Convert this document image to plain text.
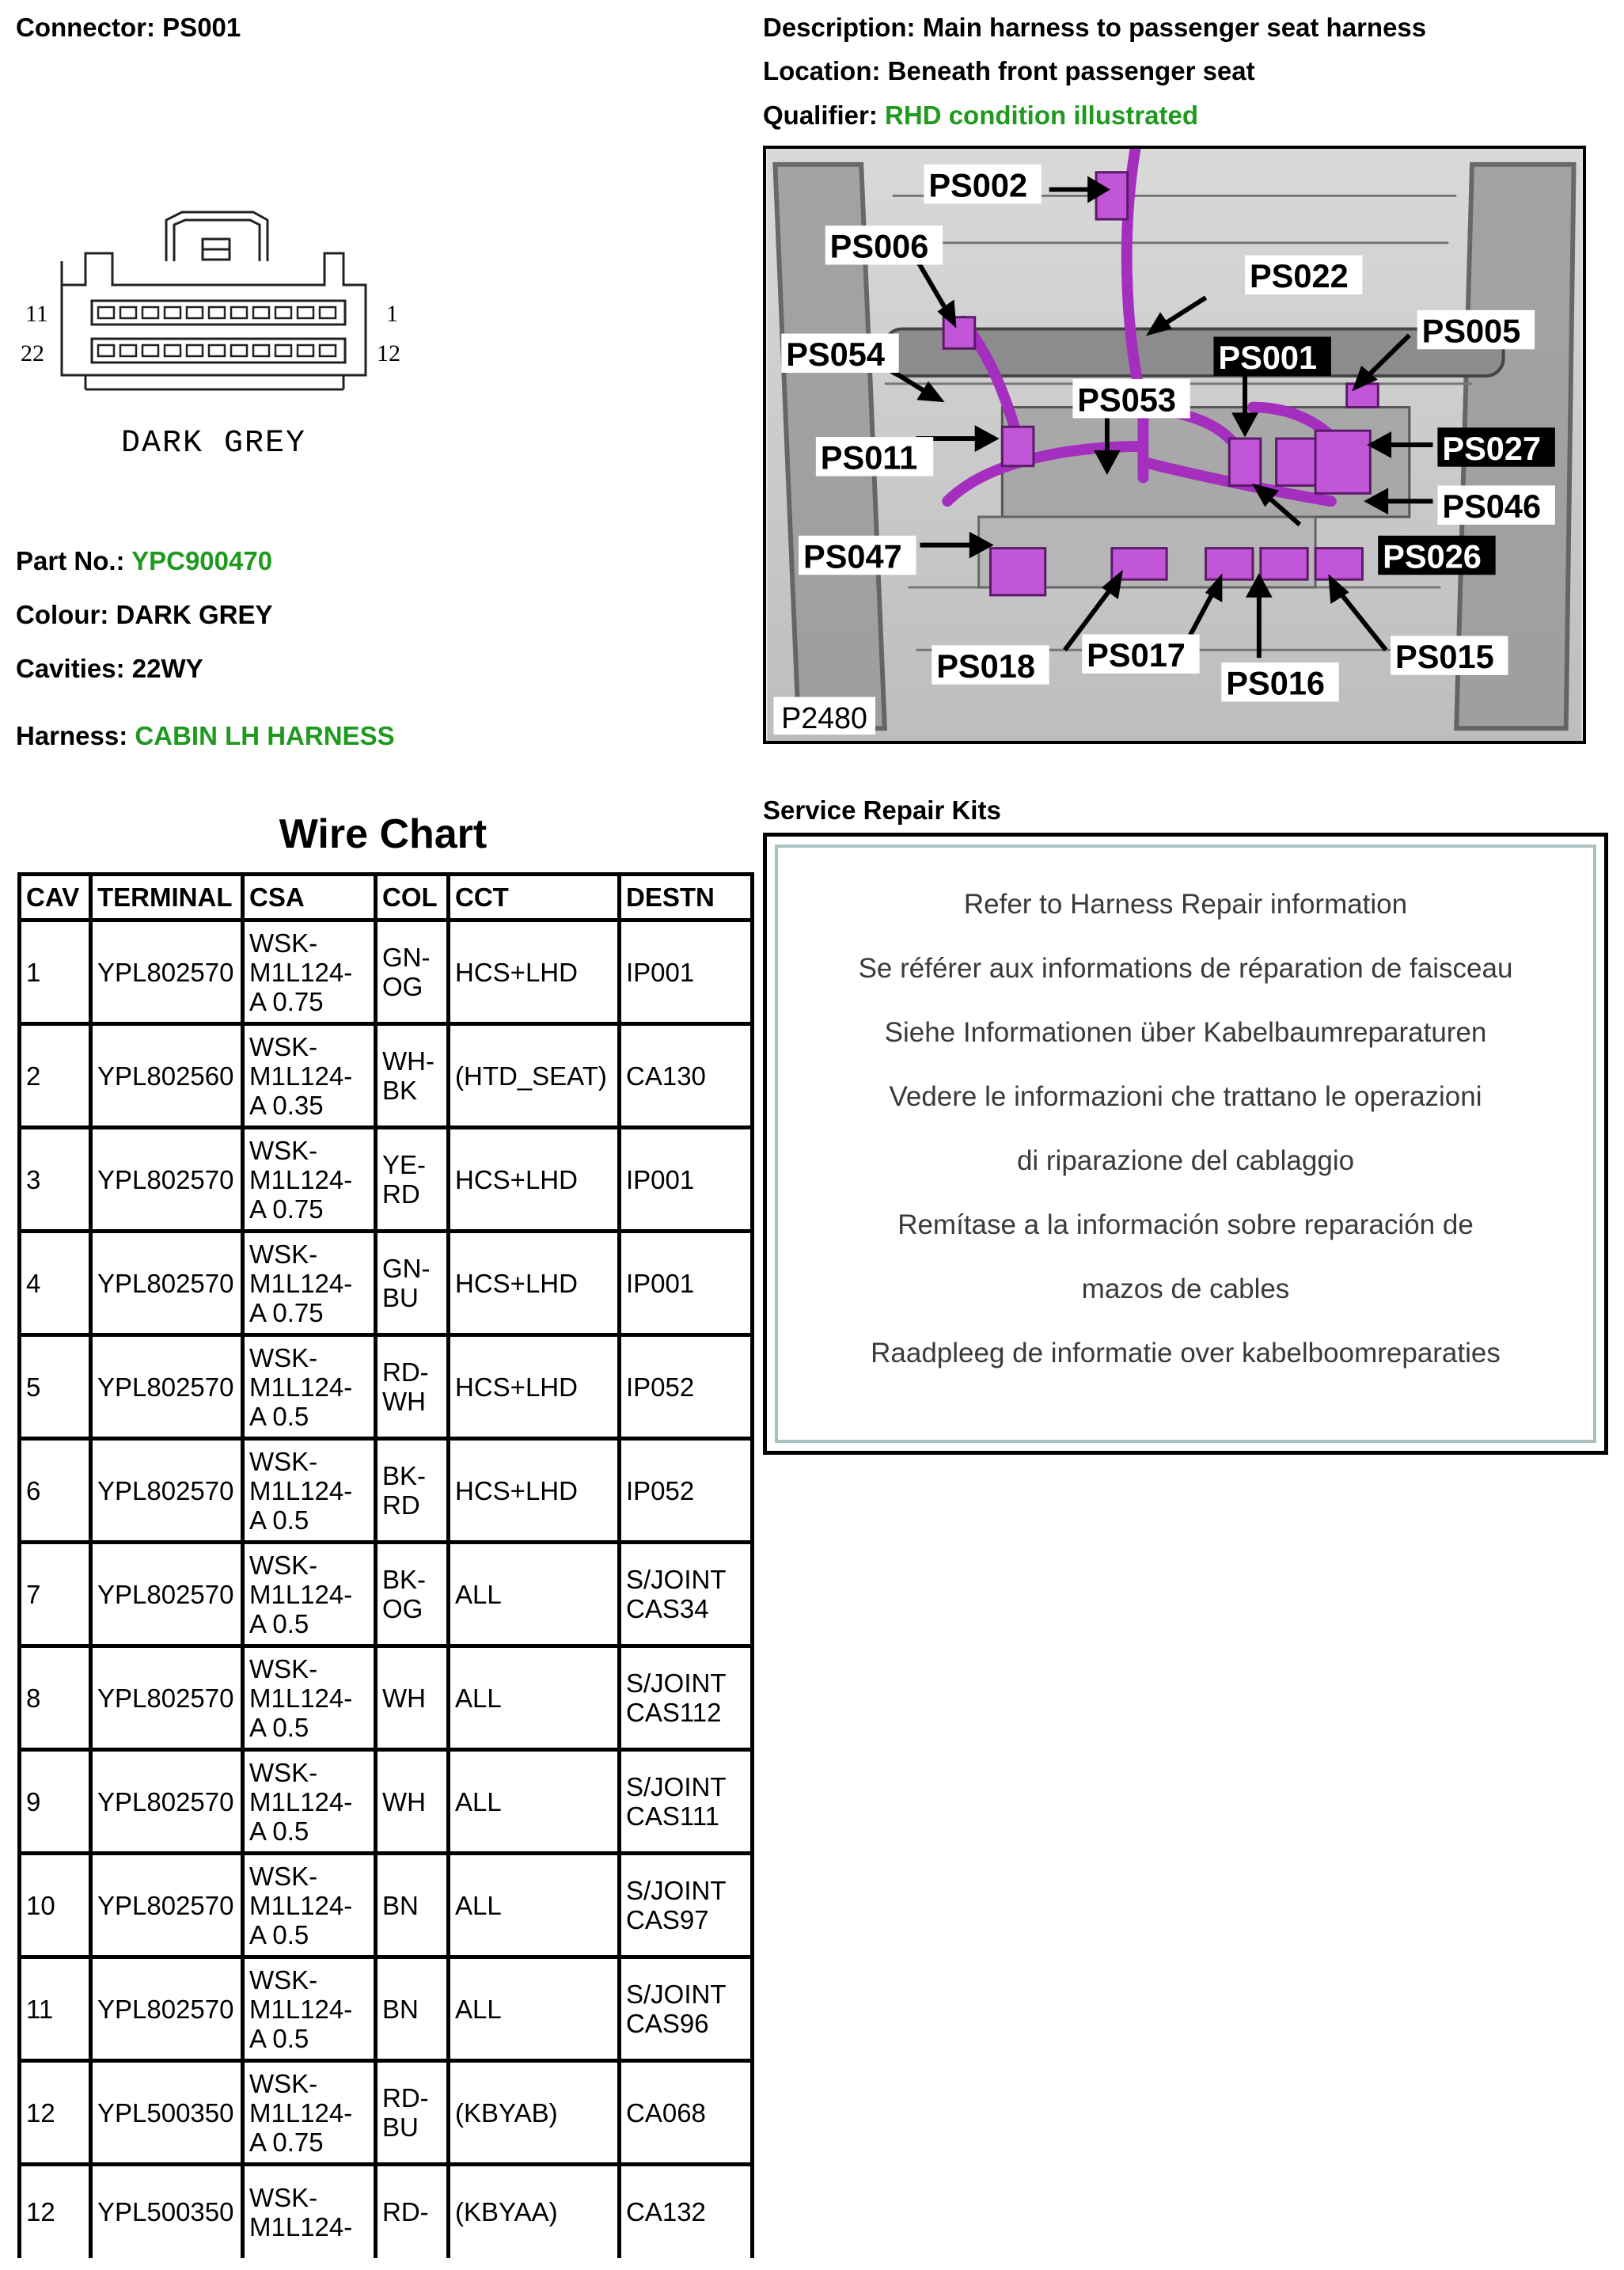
Connector: PS001	Description: Main harness to passenger seat harness
Location: Beneath front passenger seat
Qualifier: RHD condition illustrated
11	1
22	12
DARK GREY
Part No.: YPC900470
Colour: DARK GREY
Cavities: 22WY
Harness: CABIN LH HARNESS
Wire Chart
CAV	TERMINAL	CSA	COL	CCT	DESTN
1	YPL802570	WSK-M1L124-A 0.75	GN-OG	HCS+LHD	IP001
2	YPL802560	WSK-M1L124-A 0.35	WH-BK	(HTD_SEAT)	CA130
3	YPL802570	WSK-M1L124-A 0.75	YE-RD	HCS+LHD	IP001
4	YPL802570	WSK-M1L124-A 0.75	GN-BU	HCS+LHD	IP001
5	YPL802570	WSK-M1L124-A 0.5	RD-WH	HCS+LHD	IP052
6	YPL802570	WSK-M1L124-A 0.5	BK-RD	HCS+LHD	IP052
7	YPL802570	WSK-M1L124-A 0.5	BK-OG	ALL	S/JOINT CAS34
8	YPL802570	WSK-M1L124-A 0.5	WH	ALL	S/JOINT CAS112
9	YPL802570	WSK-M1L124-A 0.5	WH	ALL	S/JOINT CAS111
10	YPL802570	WSK-M1L124-A 0.5	BN	ALL	S/JOINT CAS97
11	YPL802570	WSK-M1L124-A 0.5	BN	ALL	S/JOINT CAS96
12	YPL500350	WSK-M1L124-A 0.75	RD-BU	(KBYAB)	CA068
12	YPL500350	WSK-M1L124-	RD-	(KBYAA)	CA132
PS002
PS006
PS022
PS005
PS054	PS001
PS053
PS011	PS027
PS046
PS047	PS026
PS018 PS017
PS016
PS015
P2480
Service Repair Kits
Refer to Harness Repair information
Se référer aux informations de réparation de faisceau
Siehe Informationen über Kabelbaumreparaturen
Vedere le informazioni che trattano le operazioni
di riparazione del cablaggio
Remítase a la información sobre reparación de
mazos de cables
Raadpleeg de informatie over kabelboomreparaties
